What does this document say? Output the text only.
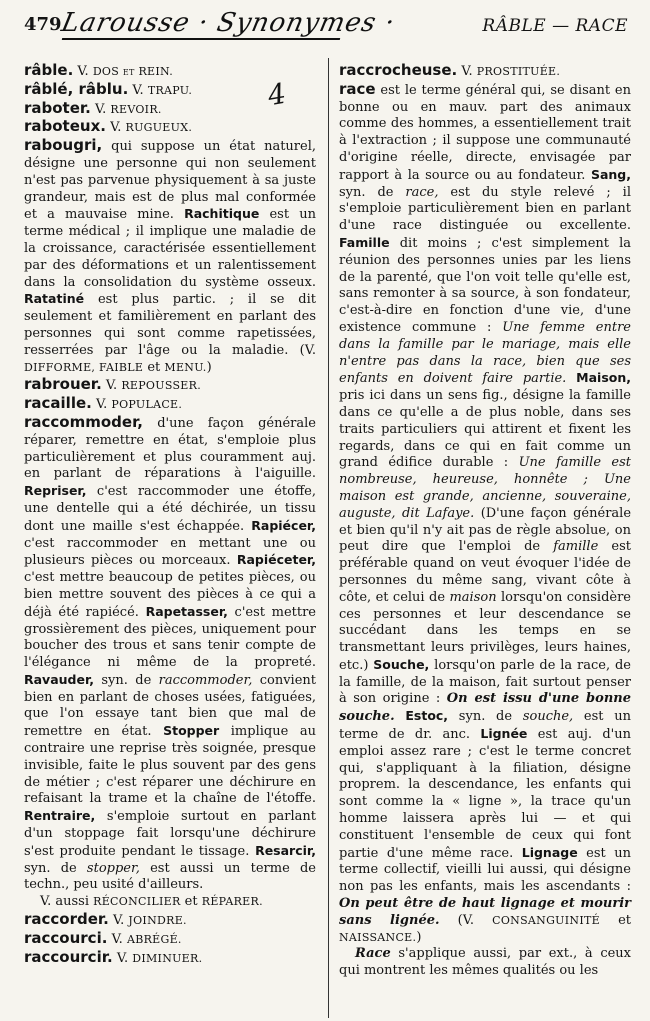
479
Larousse · Synonymes ·
4
RÂBLE — RACE

râble. V. DOS et REIN.

râblé, râblu. V. TRAPU.

raboter. V. REVOIR.

raboteux. V. RUGUEUX.

rabougri, qui suppose un état naturel, désigne une personne qui non seulement n'est pas parvenue physiquement à sa juste grandeur, mais est de plus mal conformée et a mauvaise mine. Rachitique est un terme médical ; il implique une maladie de la croissance, caractérisée essentiellement par des déformations et un ralentissement dans la consolidation du système osseux. Ratatiné est plus partic. ; il se dit seulement et familièrement en parlant des personnes qui sont comme rapetissées, resserrées par l'âge ou la maladie. (V. DIFFORME, FAIBLE et MENU.)

rabrouer. V. REPOUSSER.

racaille. V. POPULACE.

raccommoder, d'une façon générale réparer, remettre en état, s'emploie plus particulièrement et plus couramment auj. en parlant de réparations à l'aiguille. Repriser, c'est raccommoder une étoffe, une dentelle qui a été déchirée, un tissu dont une maille s'est échappée. Rapiécer, c'est raccommoder en mettant une ou plusieurs pièces ou morceaux. Rapiéceter, c'est mettre beaucoup de petites pièces, ou bien mettre souvent des pièces à ce qui a déjà été rapiécé. Rapetasser, c'est mettre grossièrement des pièces, uniquement pour boucher des trous et sans tenir compte de l'élégance ni même de la propreté. Ravauder, syn. de raccommoder, convient bien en parlant de choses usées, fatiguées, que l'on essaye tant bien que mal de remettre en état. Stopper implique au contraire une reprise très soignée, presque invisible, faite le plus souvent par des gens de métier ; c'est réparer une déchirure en refaisant la trame et la chaîne de l'étoffe. Rentraire, s'emploie surtout en parlant d'un stoppage fait lorsqu'une déchirure s'est produite pendant le tissage. Resarcir, syn. de stopper, est aussi un terme de techn., peu usité d'ailleurs.

V. aussi RÉCONCILIER et RÉPARER.

raccorder. V. JOINDRE.

raccourci. V. ABRÉGÉ.

raccourcir. V. DIMINUER.

raccrocheuse. V. PROSTITUÉE.

race est le terme général qui, se disant en bonne ou en mauv. part des animaux comme des hommes, a essentiellement trait à l'extraction ; il suppose une communauté d'origine réelle, directe, envisagée par rapport à la source ou au fondateur. Sang, syn. de race, est du style relevé ; il s'emploie particulièrement bien en parlant d'une race distinguée ou excellente. Famille dit moins ; c'est simplement la réunion des personnes unies par les liens de la parenté, que l'on voit telle qu'elle est, sans remonter à sa source, à son fondateur, c'est-à-dire en fonction d'une vie, d'une existence commune : Une femme entre dans la famille par le mariage, mais elle n'entre pas dans la race, bien que ses enfants en doivent faire partie. Maison, pris ici dans un sens fig., désigne la famille dans ce qu'elle a de plus noble, dans ses traits particuliers qui attirent et fixent les regards, dans ce qui en fait comme un grand édifice durable : Une famille est nombreuse, heureuse, honnête ; Une maison est grande, ancienne, souveraine, auguste, dit Lafaye. (D'une façon générale et bien qu'il n'y ait pas de règle absolue, on peut dire que l'emploi de famille est préférable quand on veut évoquer l'idée de personnes du même sang, vivant côte à côte, et celui de maison lorsqu'on considère ces personnes et leur descendance se succédant dans les temps en se transmettant leurs privilèges, leurs haines, etc.) Souche, lorsqu'on parle de la race, de la famille, de la maison, fait surtout penser à son origine : On est issu d'une bonne souche. Estoc, syn. de souche, est un terme de dr. anc. Lignée est auj. d'un emploi assez rare ; c'est le terme concret qui, s'appliquant à la filiation, désigne proprem. la descendance, les enfants qui sont comme la « ligne », la trace qu'un homme laissera après lui — et qui constituent l'ensemble de ceux qui font partie d'une même race. Lignage est un terme collectif, vieilli lui aussi, qui désigne non pas les enfants, mais les ascendants : On peut être de haut lignage et mourir sans lignée. (V. CONSANGUINITÉ et NAISSANCE.)

Race s'applique aussi, par ext., à ceux qui montrent les mêmes qualités ou les
